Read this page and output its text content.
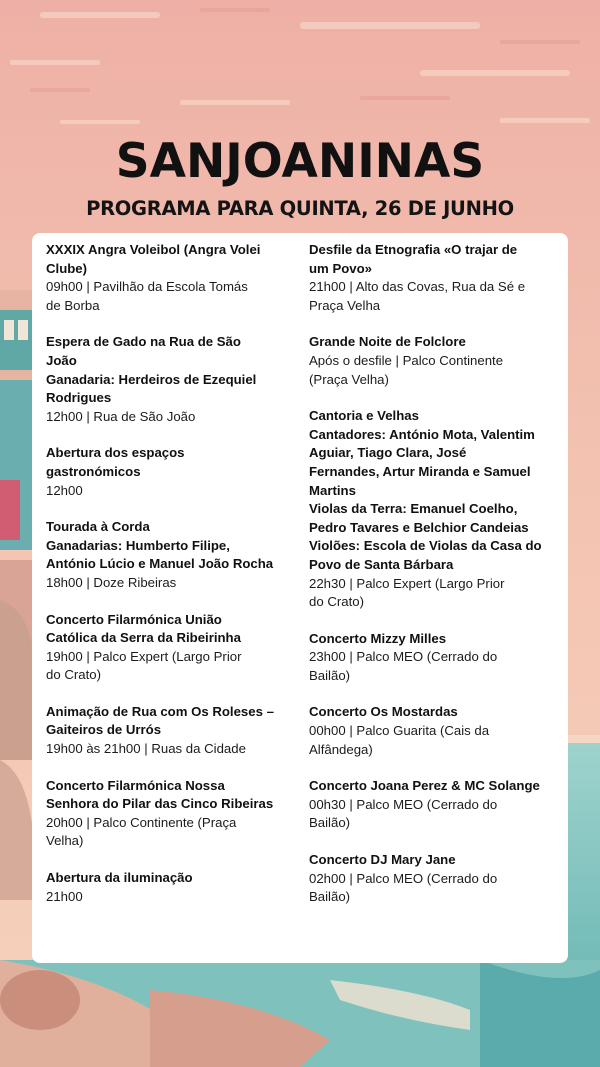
SANJOANINAS
PROGRAMA PARA QUINTA, 26 DE JUNHO
XXXIX Angra Voleibol (Angra Volei
Clube)
09h00 | Pavilhão da Escola Tomás
de Borba
Espera de Gado na Rua de São
João
Ganadaria: Herdeiros de Ezequiel
Rodrigues
12h00 | Rua de São João
Abertura dos espaços
gastronómicos
12h00
Tourada à Corda
Ganadarias: Humberto Filipe,
António Lúcio e Manuel João Rocha
18h00 | Doze Ribeiras
Concerto Filarmónica União
Católica da Serra da Ribeirinha
19h00 | Palco Expert (Largo Prior
do Crato)
Animação de Rua com Os Roleses –
Gaiteiros de Urrós
19h00 às 21h00 | Ruas da Cidade
Concerto Filarmónica Nossa
Senhora do Pilar das Cinco Ribeiras
20h00 | Palco Continente (Praça
Velha)
Abertura da iluminação
21h00
Desfile da Etnografia «O trajar de
um Povo»
21h00 | Alto das Covas, Rua da Sé e
Praça Velha
Grande Noite de Folclore
Após o desfile | Palco Continente
(Praça Velha)
Cantoria e Velhas
Cantadores: António Mota, Valentim
Aguiar, Tiago Clara, José
Fernandes, Artur Miranda e Samuel
Martins
Violas da Terra: Emanuel Coelho,
Pedro Tavares e Belchior Candeias
Violões: Escola de Violas da Casa do
Povo de Santa Bárbara
22h30 | Palco Expert (Largo Prior
do Crato)
Concerto Mizzy Milles
23h00 | Palco MEO (Cerrado do
Bailão)
Concerto Os Mostardas
00h00 | Palco Guarita (Cais da
Alfândega)
Concerto Joana Perez & MC Solange
00h30 | Palco MEO (Cerrado do
Bailão)
Concerto DJ Mary Jane
02h00 | Palco MEO (Cerrado do
Bailão)
